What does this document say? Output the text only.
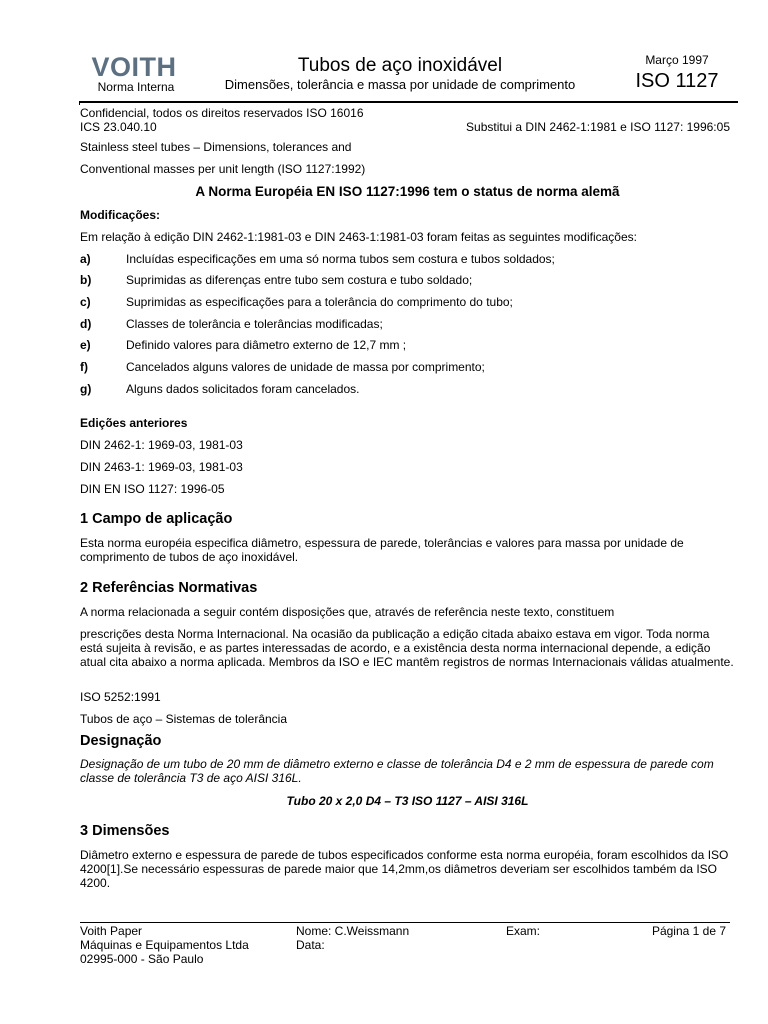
VOITH
Norma Interna
Tubos de aço inoxidável
Dimensões, tolerância e massa por unidade de comprimento
Março 1997
ISO 1127
Confidencial, todos os direitos reservados ISO 16016
ICS 23.040.10	Substitui a DIN 2462-1:1981 e ISO 1127: 1996:05
Stainless steel tubes – Dimensions, tolerances and
Conventional masses per unit length (ISO 1127:1992)
A Norma Européia EN ISO 1127:1996 tem o status de norma alemã
Modificações:
Em relação à edição DIN 2462-1:1981-03 e DIN 2463-1:1981-03 foram feitas as seguintes modificações:
a)	Incluídas especificações em uma só norma tubos sem costura e tubos soldados;
b)	Suprimidas as diferenças entre tubo sem costura e tubo soldado;
c)	Suprimidas as especificações para a tolerância do comprimento do tubo;
d)	Classes de tolerância e tolerâncias modificadas;
e)	Definido valores para diâmetro externo de 12,7 mm ;
f)	Cancelados alguns valores de unidade de massa por comprimento;
g)	Alguns dados solicitados foram cancelados.
Edições anteriores
DIN 2462-1: 1969-03, 1981-03
DIN 2463-1: 1969-03, 1981-03
DIN EN ISO 1127: 1996-05
1 Campo de aplicação
Esta norma européia especifica diâmetro, espessura de parede, tolerâncias e valores para massa por unidade de comprimento de tubos de aço inoxidável.
2 Referências Normativas
A norma relacionada a seguir contém disposições que, através de referência neste texto, constituem
prescrições desta Norma Internacional. Na ocasião da publicação a edição citada abaixo estava em vigor. Toda norma está sujeita à revisão, e as partes interessadas de acordo, e a existência desta norma internacional depende, a edição atual cita abaixo a norma aplicada. Membros da ISO e IEC mantêm registros de normas Internacionais válidas atualmente.
ISO 5252:1991
Tubos de aço – Sistemas de tolerância
Designação
Designação de um tubo de 20 mm de diâmetro externo e classe de tolerância D4 e 2 mm de espessura de parede com classe de tolerância T3 de aço AISI 316L.
Tubo 20 x 2,0 D4 – T3 ISO 1127 – AISI 316L
3 Dimensões
Diâmetro externo e espessura de parede de tubos especificados conforme esta norma européia, foram escolhidos da ISO 4200[1].Se necessário espessuras de parede maior que 14,2mm,os diâmetros deveriam ser escolhidos também da ISO 4200.
Voith Paper
Máquinas e Equipamentos Ltda
02995-000 - São Paulo
Nome: C.Weissmann
Data:
Exam:	Página 1 de 7
